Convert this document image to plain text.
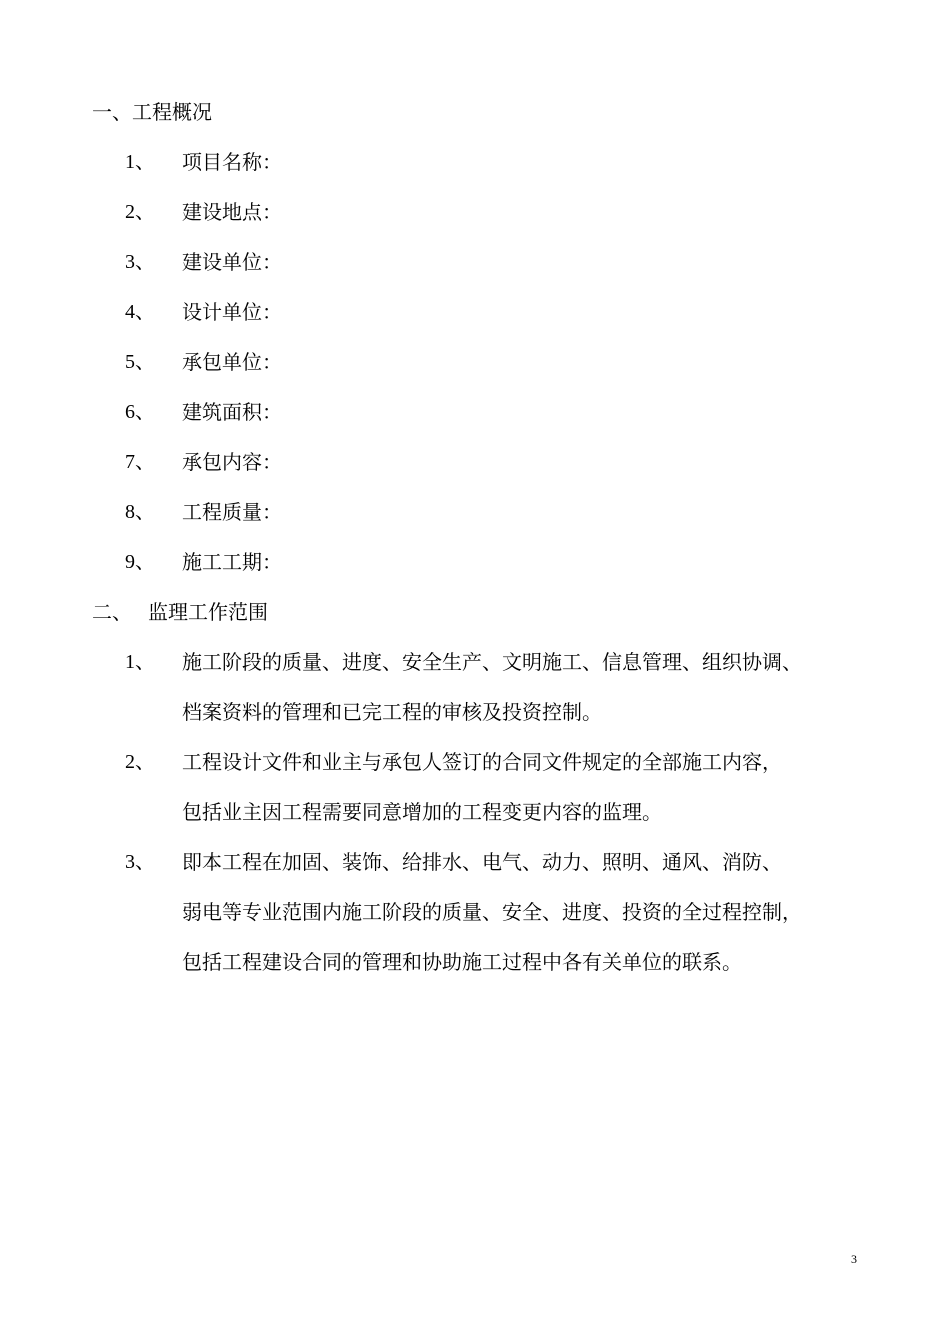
一、工程概况
1、 项目名称：
2、 建设地点：
3、 建设单位：
4、 设计单位：
5、 承包单位：
6、 建筑面积：
7、 承包内容：
8、 工程质量：
9、 施工工期：
二、 监理工作范围
1、 施工阶段的质量、进度、安全生产、文明施工、信息管理、组织协调、
档案资料的管理和已完工程的审核及投资控制。
2、 工程设计文件和业主与承包人签订的合同文件规定的全部施工内容，
包括业主因工程需要同意增加的工程变更内容的监理。
3、 即本工程在加固、装饰、给排水、电气、动力、照明、通风、消防、
弱电等专业范围内施工阶段的质量、安全、进度、投资的全过程控制，
包括工程建设合同的管理和协助施工过程中各有关单位的联系。
3
